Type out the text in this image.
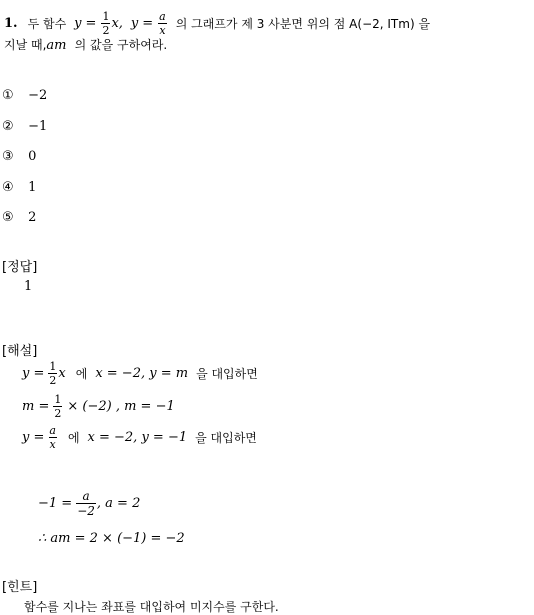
1. 두 함수 $y = \frac{1}{2} x$, $y = \frac{a}{x}$ 의 그래프가 제 3 사분면 위의 점 A(−2, ITm) 을
지날 때,am 의 값을 구하여라.
① −2
② −1
③ 0
④ 1
⑤ 2
[정답]
1
[해설]
$y = \frac{1}{2}$ x 에 x = −2, y = m 을 대입하면
$m = \frac{1}{2} \times (-2)$ , m = −1
$y = \frac{a}{x}$ 에 x = −2, y = −1 을 대입하면
$-1 = \frac{a}{-2}$ , a = 2
∴ am = 2 × (−1) = −2
[힌트]
함수를 지나는 좌표를 대입하여 미지수를 구한다.
